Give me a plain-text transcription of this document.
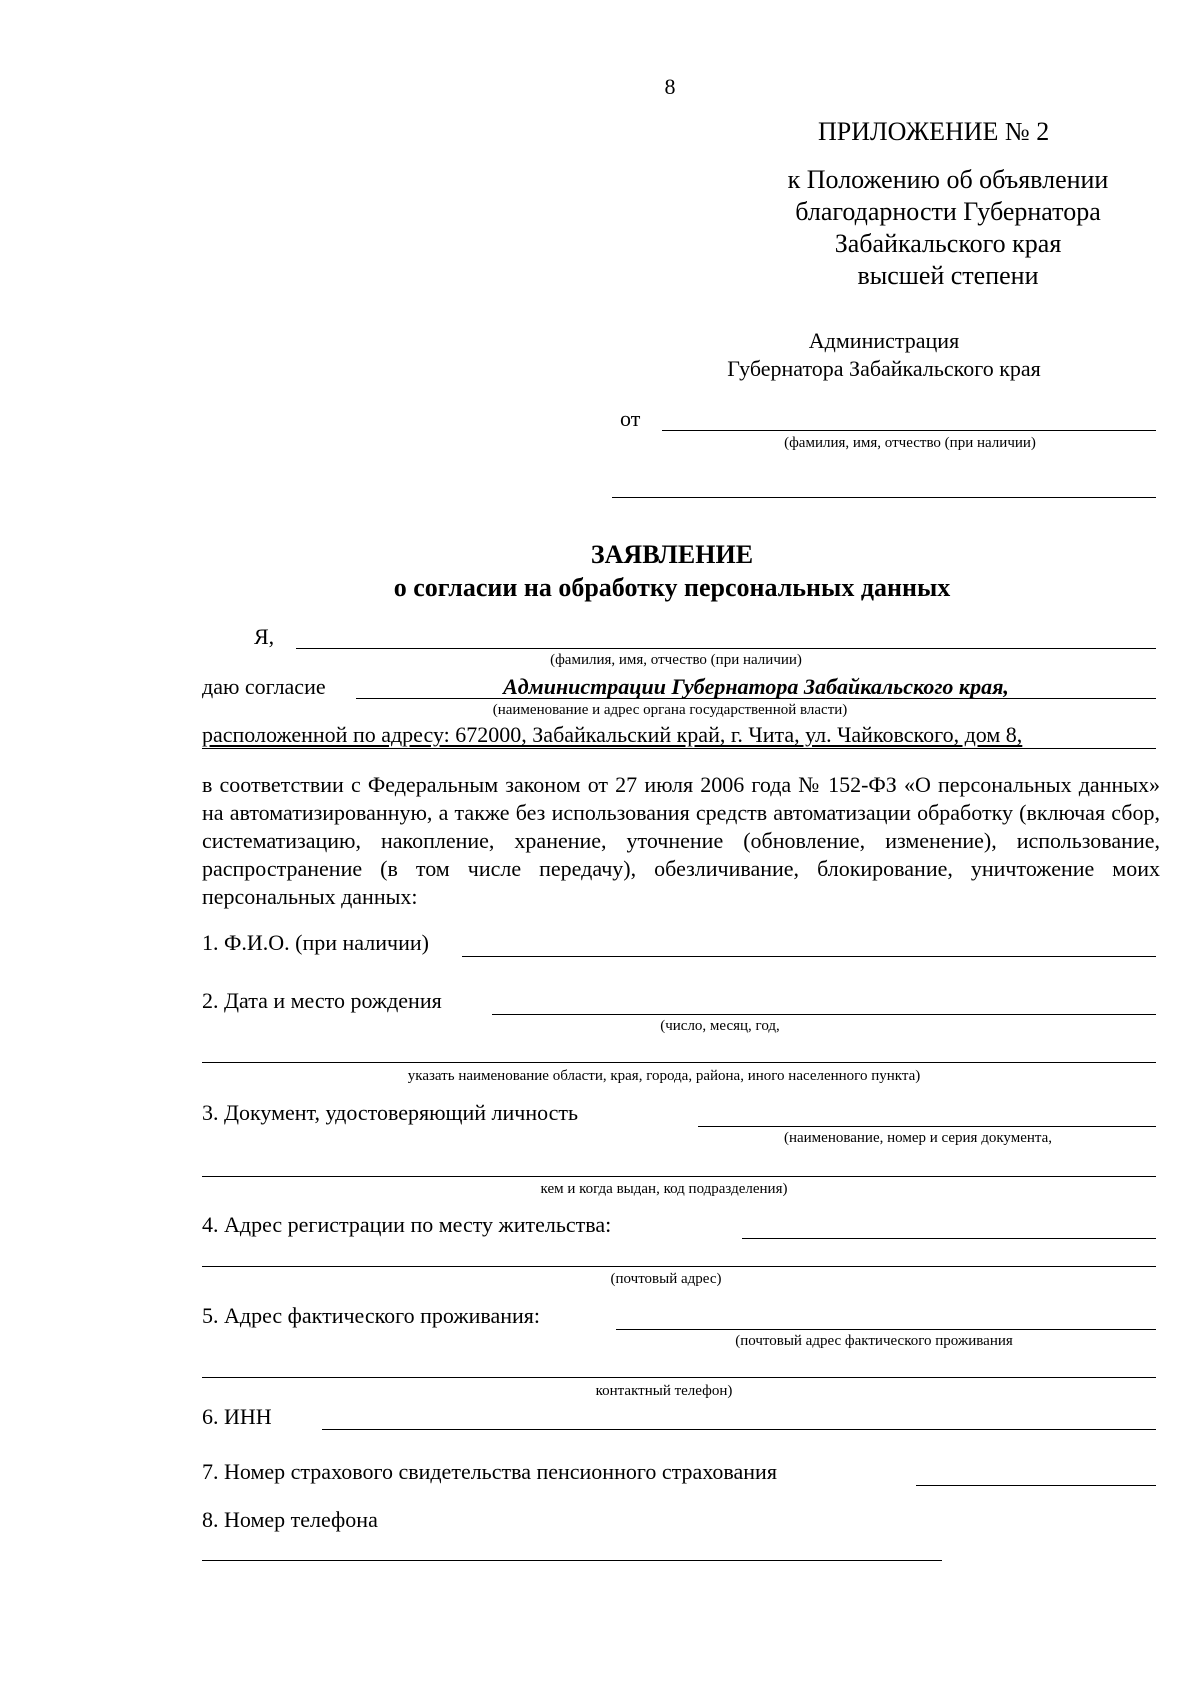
8
ПРИЛОЖЕНИЕ № 2
к Положению об объявлении
благодарности Губернатора
Забайкальского края
высшей степени
Администрация
Губернатора Забайкальского края
от
(фамилия, имя, отчество (при наличии)
ЗАЯВЛЕНИЕ
о согласии на обработку персональных данных
Я,
(фамилия, имя, отчество (при наличии)
даю согласие	Администрации Губернатора Забайкальского края,
(наименование и адрес органа государственной власти)
расположенной по адресу: 672000, Забайкальский край, г. Чита, ул. Чайковского, дом 8,
в соответствии с Федеральным законом от 27 июля 2006 года № 152-ФЗ «О персональных данных» на автоматизированную, а также без использования средств автоматизации обработку (включая сбор, систематизацию, накопление, хранение, уточнение (обновление, изменение), использование, распространение (в том числе передачу), обезличивание, блокирование, уничтожение моих персональных данных:
1. Ф.И.О. (при наличии)
2. Дата и место рождения
(число, месяц, год,
указать наименование области, края, города, района, иного населенного пункта)
3. Документ, удостоверяющий личность
(наименование, номер и серия документа,
кем и когда выдан, код подразделения)
4. Адрес регистрации по месту жительства:
(почтовый адрес)
5. Адрес фактического проживания:
(почтовый адрес фактического проживания
контактный телефон)
6. ИНН
7. Номер страхового свидетельства пенсионного страхования
8. Номер телефона
